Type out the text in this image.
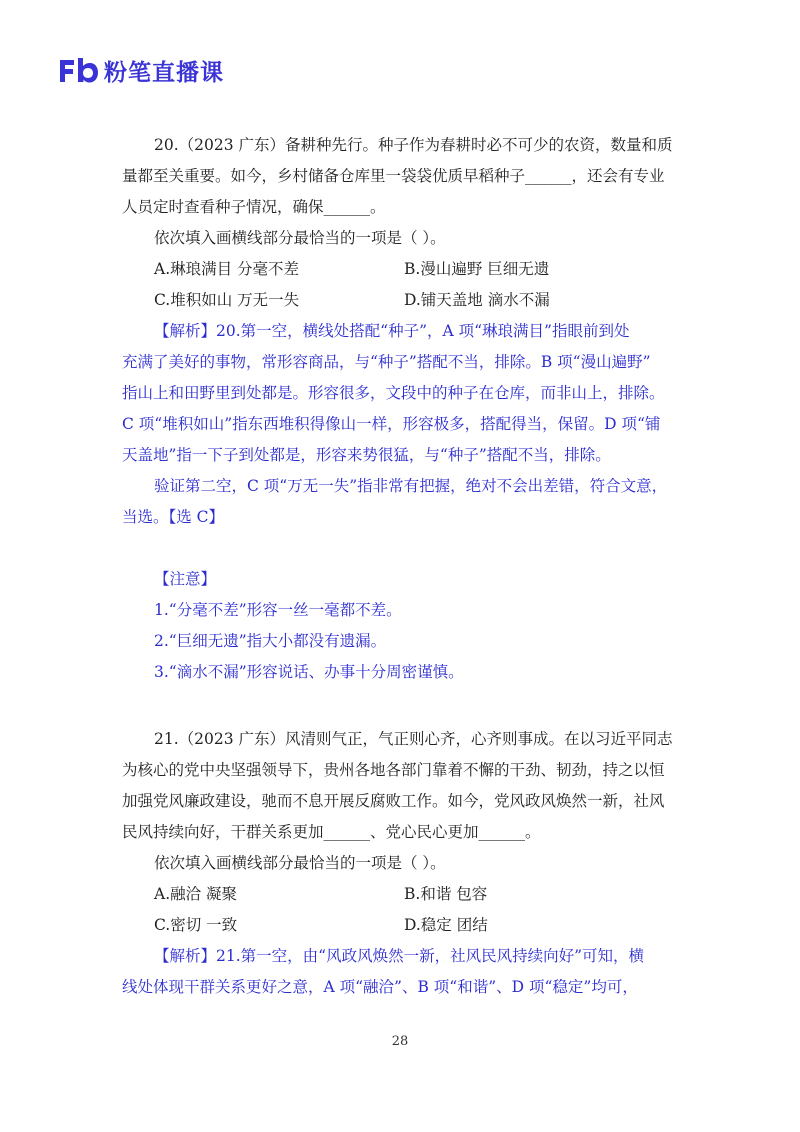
粉笔直播课

20.（2023 广东）备耕种先行。种子作为春耕时必不可少的农资，数量和质

量都至关重要。如今，乡村储备仓库里一袋袋优质早稻种子______，还会有专业

人员定时查看种子情况，确保______。

依次填入画横线部分最恰当的一项是（ ）。

A.琳琅满目 分毫不差	B.漫山遍野 巨细无遗
C.堆积如山 万无一失	D.铺天盖地 滴水不漏

【解析】20.第一空，横线处搭配“种子”，A 项“琳琅满目”指眼前到处

充满了美好的事物，常形容商品，与“种子”搭配不当，排除。B 项“漫山遍野”

指山上和田野里到处都是。形容很多，文段中的种子在仓库，而非山上，排除。

C 项“堆积如山”指东西堆积得像山一样，形容极多，搭配得当，保留。D 项“铺

天盖地”指一下子到处都是，形容来势很猛，与“种子”搭配不当，排除。

验证第二空，C 项“万无一失”指非常有把握，绝对不会出差错，符合文意，

当选。【选 C】

【注意】

1.“分毫不差”形容一丝一毫都不差。

2.“巨细无遗”指大小都没有遗漏。

3.“滴水不漏”形容说话、办事十分周密谨慎。

21.（2023 广东）风清则气正，气正则心齐，心齐则事成。在以习近平同志

为核心的党中央坚强领导下，贵州各地各部门靠着不懈的干劲、韧劲，持之以恒

加强党风廉政建设，驰而不息开展反腐败工作。如今，党风政风焕然一新，社风

民风持续向好，干群关系更加______、党心民心更加______。

依次填入画横线部分最恰当的一项是（ ）。

A.融洽 凝聚	B.和谐 包容
C.密切 一致	D.稳定 团结

【解析】21.第一空，由“风政风焕然一新，社风民风持续向好”可知，横

线处体现干群关系更好之意，A 项“融洽”、B 项“和谐”、D 项“稳定”均可，

28
